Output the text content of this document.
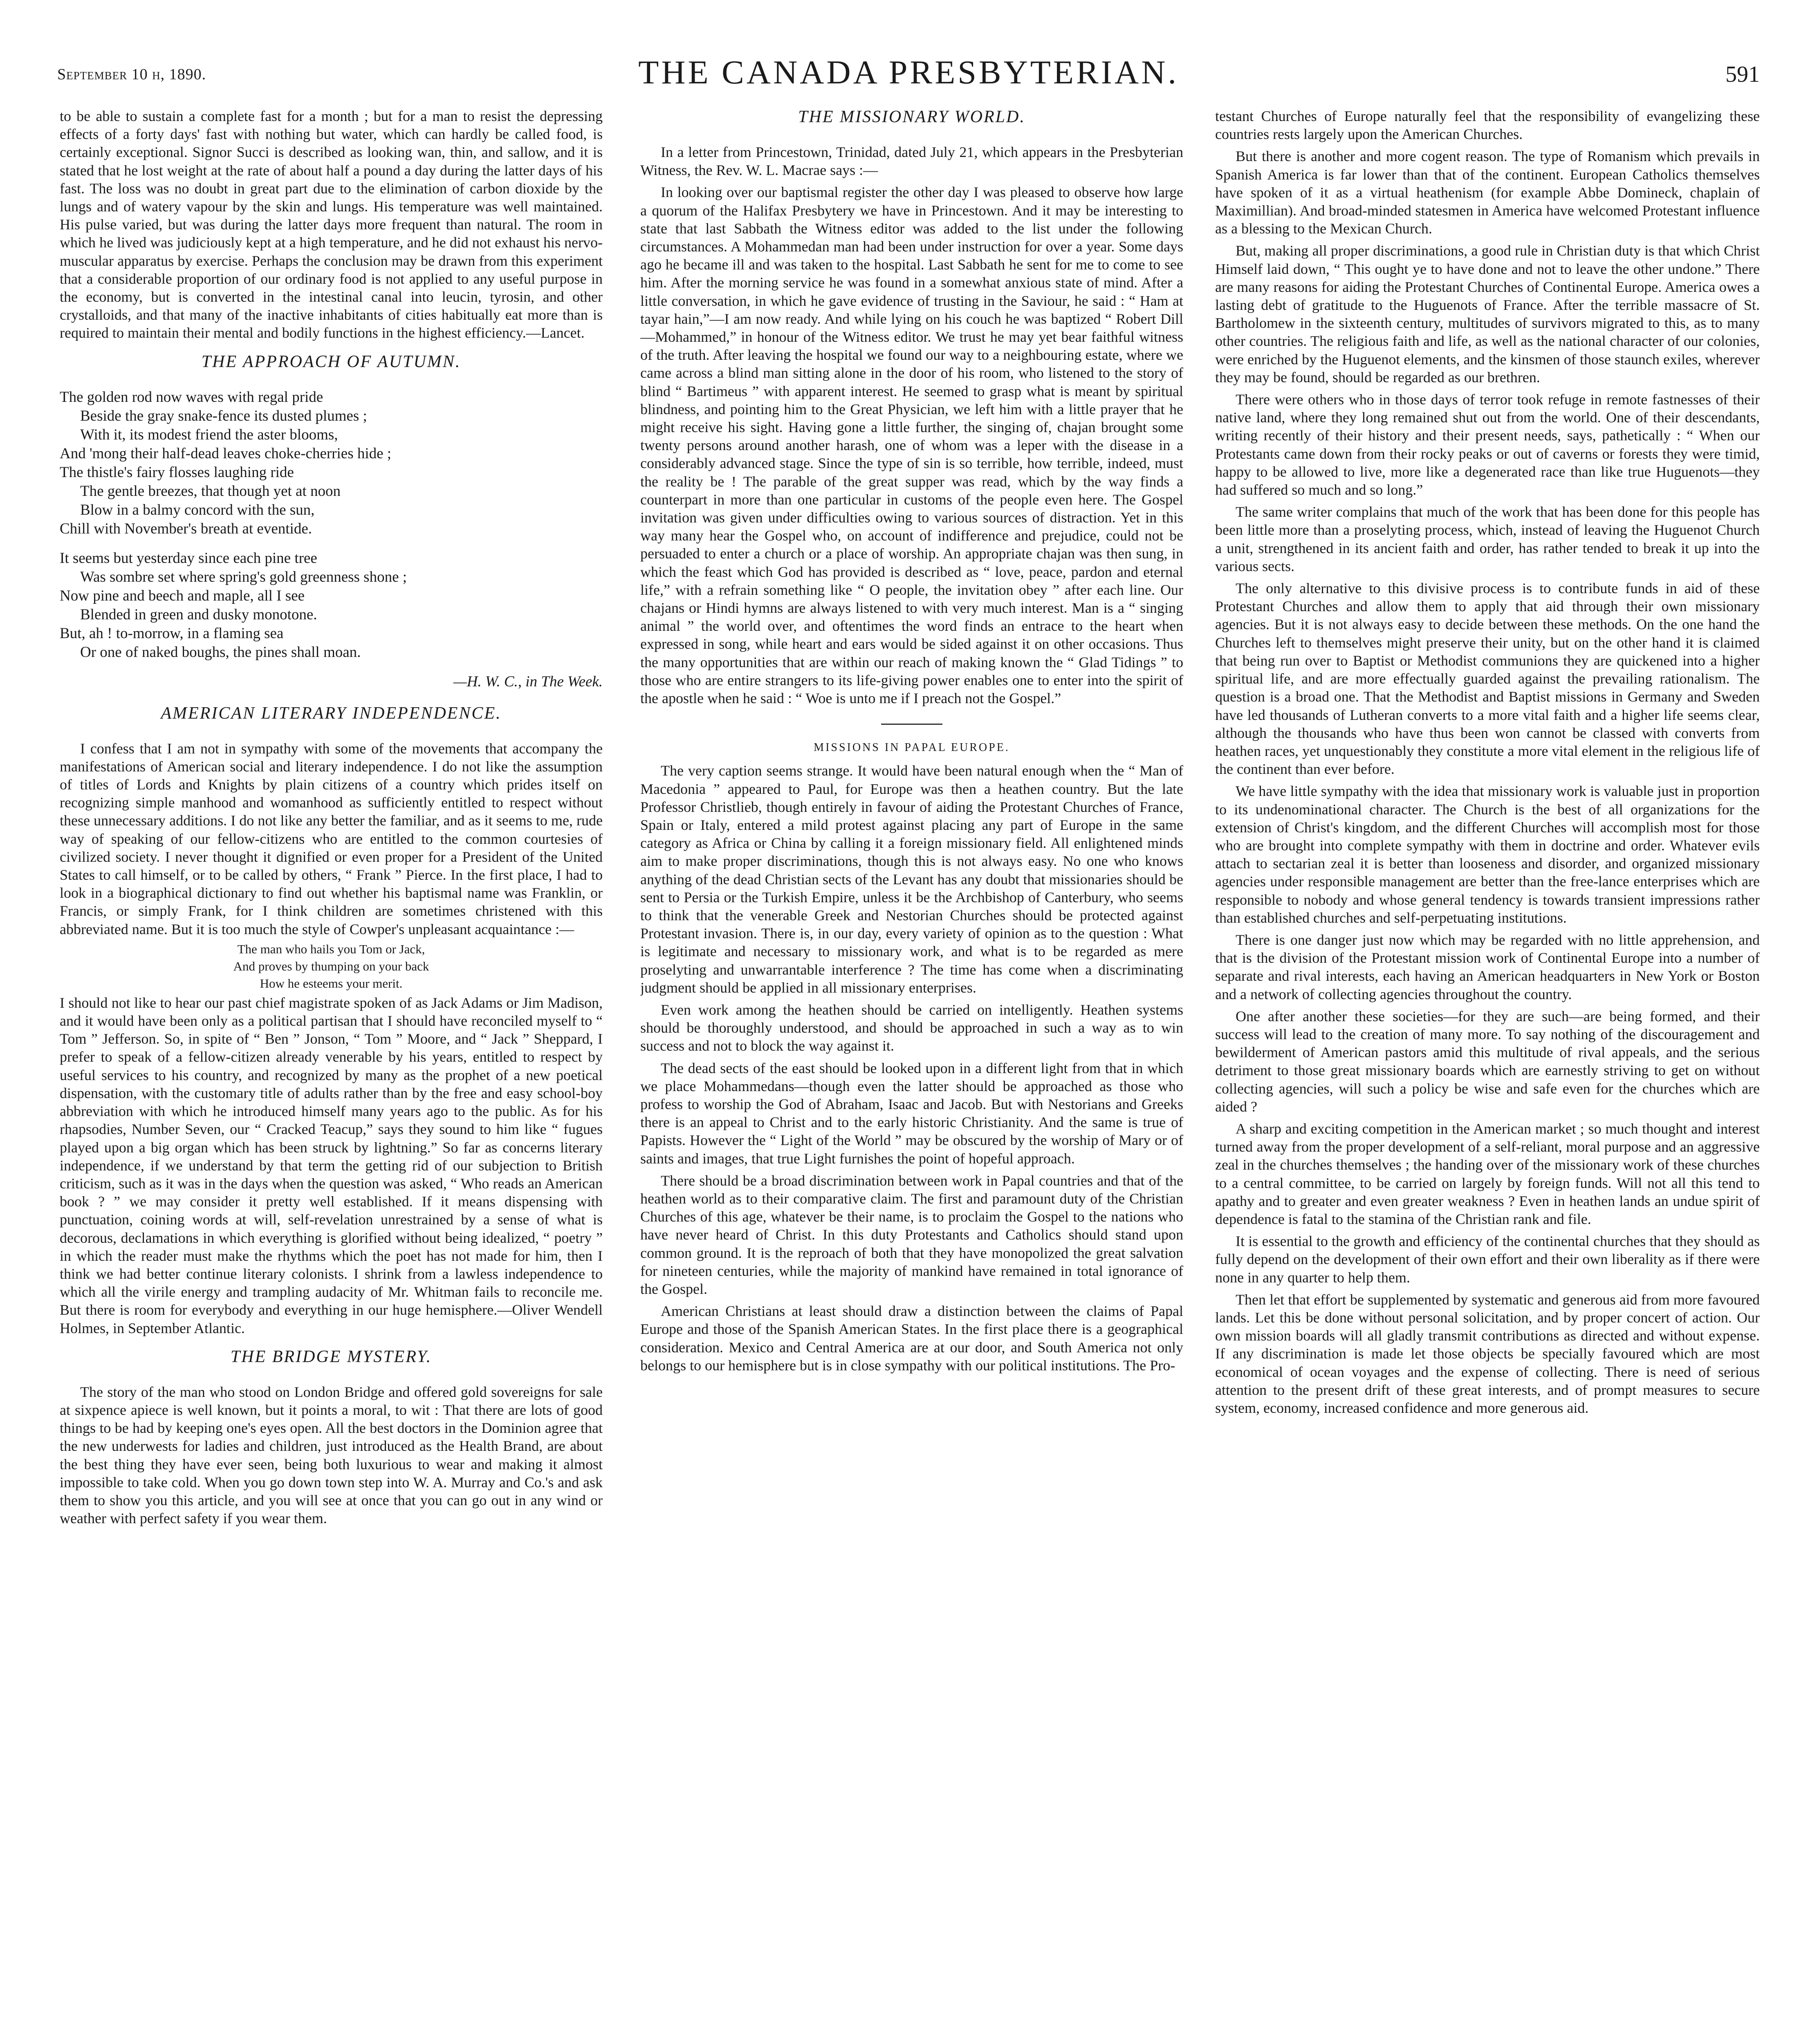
September 10 h, 1890.	THE CANADA PRESBYTERIAN.	591

to be able to sustain a complete fast for a month ; but for a man to resist the depressing effects of a forty days' fast with nothing but water, which can hardly be called food, is certainly exceptional. Signor Succi is described as looking wan, thin, and sallow, and it is stated that he lost weight at the rate of about half a pound a day during the latter days of his fast. The loss was no doubt in great part due to the elimination of carbon dioxide by the lungs and of watery vapour by the skin and lungs. His temperature was well maintained. His pulse varied, but was during the latter days more frequent than natural. The room in which he lived was judiciously kept at a high temperature, and he did not exhaust his nervo-muscular apparatus by exercise. Perhaps the conclusion may be drawn from this experiment that a considerable proportion of our ordinary food is not applied to any useful purpose in the economy, but is converted in the intestinal canal into leucin, tyrosin, and other crystalloids, and that many of the inactive inhabitants of cities habitually eat more than is required to maintain their mental and bodily functions in the highest efficiency.—Lancet.

THE APPROACH OF AUTUMN.
The golden rod now waves with regal pride
Beside the gray snake-fence its dusted plumes ;
With it, its modest friend the aster blooms,
And 'mong their half-dead leaves choke-cherries hide ;
The thistle's fairy flosses laughing ride
The gentle breezes, that though yet at noon
Blow in a balmy concord with the sun,
Chill with November's breath at eventide.
It seems but yesterday since each pine tree
Was sombre set where spring's gold greenness shone ;
Now pine and beech and maple, all I see
Blended in green and dusky monotone.
But, ah ! to-morrow, in a flaming sea
Or one of naked boughs, the pines shall moan.
—H. W. C., in The Week.
AMERICAN LITERARY INDEPENDENCE.

I confess that I am not in sympathy with some of the movements that accompany the manifestations of American social and literary independence. I do not like the assumption of titles of Lords and Knights by plain citizens of a country which prides itself on recognizing simple manhood and womanhood as sufficiently entitled to respect without these unnecessary additions. I do not like any better the familiar, and as it seems to me, rude way of speaking of our fellow-citizens who are entitled to the common courtesies of civilized society. I never thought it dignified or even proper for a President of the United States to call himself, or to be called by others, “ Frank ” Pierce. In the first place, I had to look in a biographical dictionary to find out whether his baptismal name was Franklin, or Francis, or simply Frank, for I think children are sometimes christened with this abbreviated name. But it is too much the style of Cowper's unpleasant acquaintance :—

The man who hails you Tom or Jack,
And proves by thumping on your back
How he esteems your merit.

I should not like to hear our past chief magistrate spoken of as Jack Adams or Jim Madison, and it would have been only as a political partisan that I should have reconciled myself to “ Tom ” Jefferson. So, in spite of “ Ben ” Jonson, “ Tom ” Moore, and “ Jack ” Sheppard, I prefer to speak of a fellow-citizen already venerable by his years, entitled to respect by useful services to his country, and recognized by many as the prophet of a new poetical dispensation, with the customary title of adults rather than by the free and easy school-boy abbreviation with which he introduced himself many years ago to the public. As for his rhapsodies, Number Seven, our “ Cracked Teacup,” says they sound to him like “ fugues played upon a big organ which has been struck by lightning.” So far as concerns literary independence, if we understand by that term the getting rid of our subjection to British criticism, such as it was in the days when the question was asked, “ Who reads an American book ? ” we may consider it pretty well established. If it means dispensing with punctuation, coining words at will, self-revelation unrestrained by a sense of what is decorous, declamations in which everything is glorified without being idealized, “ poetry ” in which the reader must make the rhythms which the poet has not made for him, then I think we had better continue literary colonists. I shrink from a lawless independence to which all the virile energy and trampling audacity of Mr. Whitman fails to reconcile me. But there is room for everybody and everything in our huge hemisphere.—Oliver Wendell Holmes, in September Atlantic.

THE BRIDGE MYSTERY.

The story of the man who stood on London Bridge and offered gold sovereigns for sale at sixpence apiece is well known, but it points a moral, to wit : That there are lots of good things to be had by keeping one's eyes open. All the best doctors in the Dominion agree that the new underwests for ladies and children, just introduced as the Health Brand, are about the best thing they have ever seen, being both luxurious to wear and making it almost impossible to take cold. When you go down town step into W. A. Murray and Co.'s and ask them to show you this article, and you will see at once that you can go out in any wind or weather with perfect safety if you wear them.

THE MISSIONARY WORLD.

In a letter from Princestown, Trinidad, dated July 21, which appears in the Presbyterian Witness, the Rev. W. L. Macrae says :—

In looking over our baptismal register the other day I was pleased to observe how large a quorum of the Halifax Presbytery we have in Princestown. And it may be interesting to state that last Sabbath the Witness editor was added to the list under the following circumstances. A Mohammedan man had been under instruction for over a year. Some days ago he became ill and was taken to the hospital. Last Sabbath he sent for me to come to see him. After the morning service he was found in a somewhat anxious state of mind. After a little conversation, in which he gave evidence of trusting in the Saviour, he said : “ Ham at tayar hain,”—I am now ready. And while lying on his couch he was baptized “ Robert Dill—Mohammed,” in honour of the Witness editor. We trust he may yet bear faithful witness of the truth. After leaving the hospital we found our way to a neighbouring estate, where we came across a blind man sitting alone in the door of his room, who listened to the story of blind “ Bartimeus ” with apparent interest. He seemed to grasp what is meant by spiritual blindness, and pointing him to the Great Physician, we left him with a little prayer that he might receive his sight. Having gone a little further, the singing of, chajan brought some twenty persons around another harash, one of whom was a leper with the disease in a considerably advanced stage. Since the type of sin is so terrible, how terrible, indeed, must the reality be ! The parable of the great supper was read, which by the way finds a counterpart in more than one particular in customs of the people even here. The Gospel invitation was given under difficulties owing to various sources of distraction. Yet in this way many hear the Gospel who, on account of indifference and prejudice, could not be persuaded to enter a church or a place of worship. An appropriate chajan was then sung, in which the feast which God has provided is described as “ love, peace, pardon and eternal life,” with a refrain something like “ O people, the invitation obey ” after each line. Our chajans or Hindi hymns are always listened to with very much interest. Man is a “ singing animal ” the world over, and oftentimes the word finds an entrace to the heart when expressed in song, while heart and ears would be sided against it on other occasions. Thus the many opportunities that are within our reach of making known the “ Glad Tidings ” to those who are entire strangers to its life-giving power enables one to enter into the spirit of the apostle when he said : “ Woe is unto me if I preach not the Gospel.”

MISSIONS IN PAPAL EUROPE.

The very caption seems strange. It would have been natural enough when the “ Man of Macedonia ” appeared to Paul, for Europe was then a heathen country. But the late Professor Christlieb, though entirely in favour of aiding the Protestant Churches of France, Spain or Italy, entered a mild protest against placing any part of Europe in the same category as Africa or China by calling it a foreign missionary field. All enlightened minds aim to make proper discriminations, though this is not always easy. No one who knows anything of the dead Christian sects of the Levant has any doubt that missionaries should be sent to Persia or the Turkish Empire, unless it be the Archbishop of Canterbury, who seems to think that the venerable Greek and Nestorian Churches should be protected against Protestant invasion. There is, in our day, every variety of opinion as to the question : What is legitimate and necessary to missionary work, and what is to be regarded as mere proselyting and unwarrantable interference ? The time has come when a discriminating judgment should be applied in all missionary enterprises.

Even work among the heathen should be carried on intelligently. Heathen systems should be thoroughly understood, and should be approached in such a way as to win success and not to block the way against it.

The dead sects of the east should be looked upon in a different light from that in which we place Mohammedans—though even the latter should be approached as those who profess to worship the God of Abraham, Isaac and Jacob. But with Nestorians and Greeks there is an appeal to Christ and to the early historic Christianity. And the same is true of Papists. However the “ Light of the World ” may be obscured by the worship of Mary or of saints and images, that true Light furnishes the point of hopeful approach.

There should be a broad discrimination between work in Papal countries and that of the heathen world as to their comparative claim. The first and paramount duty of the Christian Churches of this age, whatever be their name, is to proclaim the Gospel to the nations who have never heard of Christ. In this duty Protestants and Catholics should stand upon common ground. It is the reproach of both that they have monopolized the great salvation for nineteen centuries, while the majority of mankind have remained in total ignorance of the Gospel.

American Christians at least should draw a distinction between the claims of Papal Europe and those of the Spanish American States. In the first place there is a geographical consideration. Mexico and Central America are at our door, and South America not only belongs to our hemisphere but is in close sympathy with our political institutions. The Pro-

testant Churches of Europe naturally feel that the responsibility of evangelizing these countries rests largely upon the American Churches.

But there is another and more cogent reason. The type of Romanism which prevails in Spanish America is far lower than that of the continent. European Catholics themselves have spoken of it as a virtual heathenism (for example Abbe Domineck, chaplain of Maximillian). And broad-minded statesmen in America have welcomed Protestant influence as a blessing to the Mexican Church.

But, making all proper discriminations, a good rule in Christian duty is that which Christ Himself laid down, “ This ought ye to have done and not to leave the other undone.” There are many reasons for aiding the Protestant Churches of Continental Europe. America owes a lasting debt of gratitude to the Huguenots of France. After the terrible massacre of St. Bartholomew in the sixteenth century, multitudes of survivors migrated to this, as to many other countries. The religious faith and life, as well as the national character of our colonies, were enriched by the Huguenot elements, and the kinsmen of those staunch exiles, wherever they may be found, should be regarded as our brethren.

There were others who in those days of terror took refuge in remote fastnesses of their native land, where they long remained shut out from the world. One of their descendants, writing recently of their history and their present needs, says, pathetically : “ When our Protestants came down from their rocky peaks or out of caverns or forests they were timid, happy to be allowed to live, more like a degenerated race than like true Huguenots—they had suffered so much and so long.”

The same writer complains that much of the work that has been done for this people has been little more than a proselyting process, which, instead of leaving the Huguenot Church a unit, strengthened in its ancient faith and order, has rather tended to break it up into the various sects.

The only alternative to this divisive process is to contribute funds in aid of these Protestant Churches and allow them to apply that aid through their own missionary agencies. But it is not always easy to decide between these methods. On the one hand the Churches left to themselves might preserve their unity, but on the other hand it is claimed that being run over to Baptist or Methodist communions they are quickened into a higher spiritual life, and are more effectually guarded against the prevailing rationalism. The question is a broad one. That the Methodist and Baptist missions in Germany and Sweden have led thousands of Lutheran converts to a more vital faith and a higher life seems clear, although the thousands who have thus been won cannot be classed with converts from heathen races, yet unquestionably they constitute a more vital element in the religious life of the continent than ever before.

We have little sympathy with the idea that missionary work is valuable just in proportion to its undenominational character. The Church is the best of all organizations for the extension of Christ's kingdom, and the different Churches will accomplish most for those who are brought into complete sympathy with them in doctrine and order. Whatever evils attach to sectarian zeal it is better than looseness and disorder, and organized missionary agencies under responsible management are better than the free-lance enterprises which are responsible to nobody and whose general tendency is towards transient impressions rather than established churches and self-perpetuating institutions.

There is one danger just now which may be regarded with no little apprehension, and that is the division of the Protestant mission work of Continental Europe into a number of separate and rival interests, each having an American headquarters in New York or Boston and a network of collecting agencies throughout the country.

One after another these societies—for they are such—are being formed, and their success will lead to the creation of many more. To say nothing of the discouragement and bewilderment of American pastors amid this multitude of rival appeals, and the serious detriment to those great missionary boards which are earnestly striving to get on without collecting agencies, will such a policy be wise and safe even for the churches which are aided ?

A sharp and exciting competition in the American market ; so much thought and interest turned away from the proper development of a self-reliant, moral purpose and an aggressive zeal in the churches themselves ; the handing over of the missionary work of these churches to a central committee, to be carried on largely by foreign funds. Will not all this tend to apathy and to greater and even greater weakness ? Even in heathen lands an undue spirit of dependence is fatal to the stamina of the Christian rank and file.

It is essential to the growth and efficiency of the continental churches that they should as fully depend on the development of their own effort and their own liberality as if there were none in any quarter to help them.

Then let that effort be supplemented by systematic and generous aid from more favoured lands. Let this be done without personal solicitation, and by proper concert of action. Our own mission boards will all gladly transmit contributions as directed and without expense. If any discrimination is made let those objects be specially favoured which are most economical of ocean voyages and the expense of collecting. There is need of serious attention to the present drift of these great interests, and of prompt measures to secure system, economy, increased confidence and more generous aid.
